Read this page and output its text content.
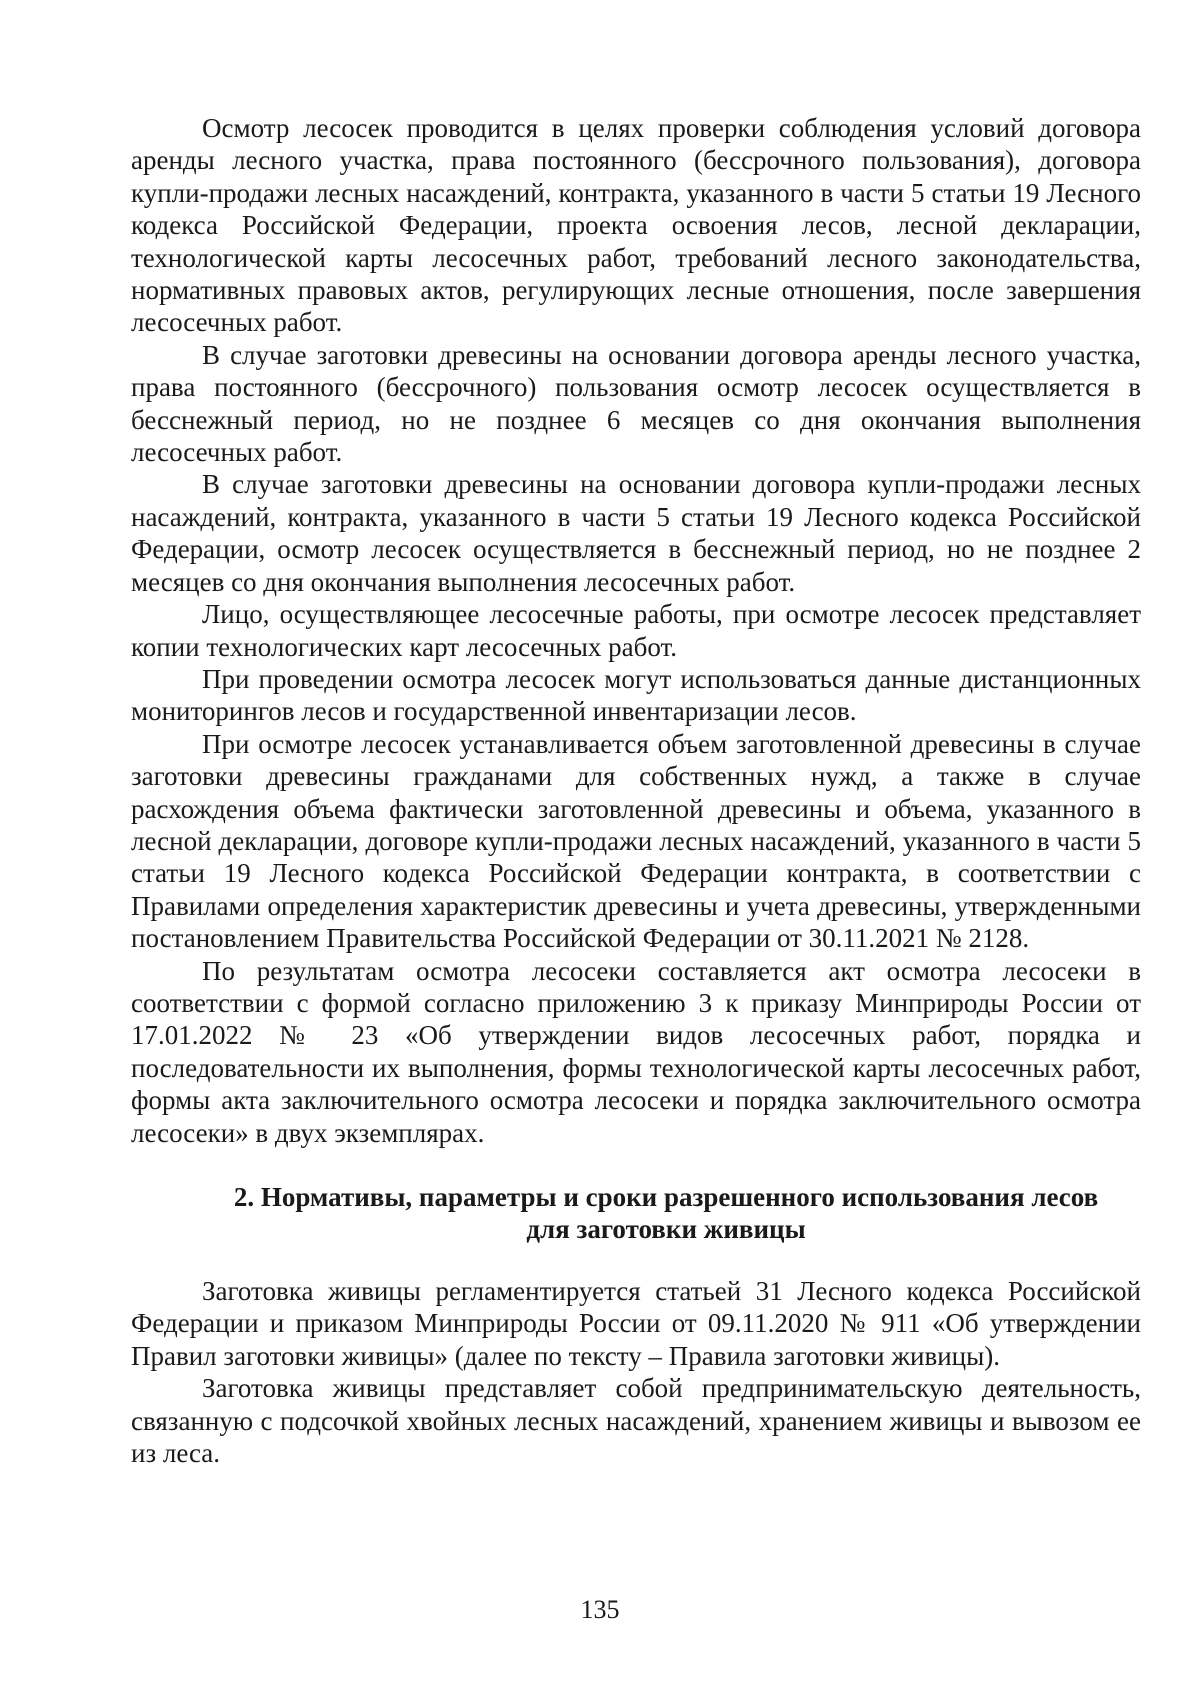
Осмотр лесосек проводится в целях проверки соблюдения условий договора аренды лесного участка, права постоянного (бессрочного пользования), договора купли-продажи лесных насаждений, контракта, указанного в части 5 статьи 19 Лесного кодекса Российской Федерации, проекта освоения лесов, лесной декларации, технологической карты лесосечных работ, требований лесного законодательства, нормативных правовых актов, регулирующих лесные отношения, после завершения лесосечных работ.

В случае заготовки древесины на основании договора аренды лесного участка, права постоянного (бессрочного) пользования осмотр лесосек осуществляется в бесснежный период, но не позднее 6 месяцев со дня окончания выполнения лесосечных работ.

В случае заготовки древесины на основании договора купли-продажи лесных насаждений, контракта, указанного в части 5 статьи 19 Лесного кодекса Российской Федерации, осмотр лесосек осуществляется в бесснежный период, но не позднее 2 месяцев со дня окончания выполнения лесосечных работ.

Лицо, осуществляющее лесосечные работы, при осмотре лесосек представляет копии технологических карт лесосечных работ.

При проведении осмотра лесосек могут использоваться данные дистанционных мониторингов лесов и государственной инвентаризации лесов.

При осмотре лесосек устанавливается объем заготовленной древесины в случае заготовки древесины гражданами для собственных нужд, а также в случае расхождения объема фактически заготовленной древесины и объема, указанного в лесной декларации, договоре купли-продажи лесных насаждений, указанного в части 5 статьи 19 Лесного кодекса Российской Федерации контракта, в соответствии с Правилами определения характеристик древесины и учета древесины, утвержденными постановлением Правительства Российской Федерации от 30.11.2021 № 2128.

По результатам осмотра лесосеки составляется акт осмотра лесосеки в соответствии с формой согласно приложению 3 к приказу Минприроды России от 17.01.2022 № 23 «Об утверждении видов лесосечных работ, порядка и последовательности их выполнения, формы технологической карты лесосечных работ, формы акта заключительного осмотра лесосеки и порядка заключительного осмотра лесосеки» в двух экземплярах.

2. Нормативы, параметры и сроки разрешенного использования лесов
для заготовки живицы

Заготовка живицы регламентируется статьей 31 Лесного кодекса Российской Федерации и приказом Минприроды России от 09.11.2020 № 911 «Об утверждении Правил заготовки живицы» (далее по тексту – Правила заготовки живицы).

Заготовка живицы представляет собой предпринимательскую деятельность, связанную с подсочкой хвойных лесных насаждений, хранением живицы и вывозом ее из леса.

135
